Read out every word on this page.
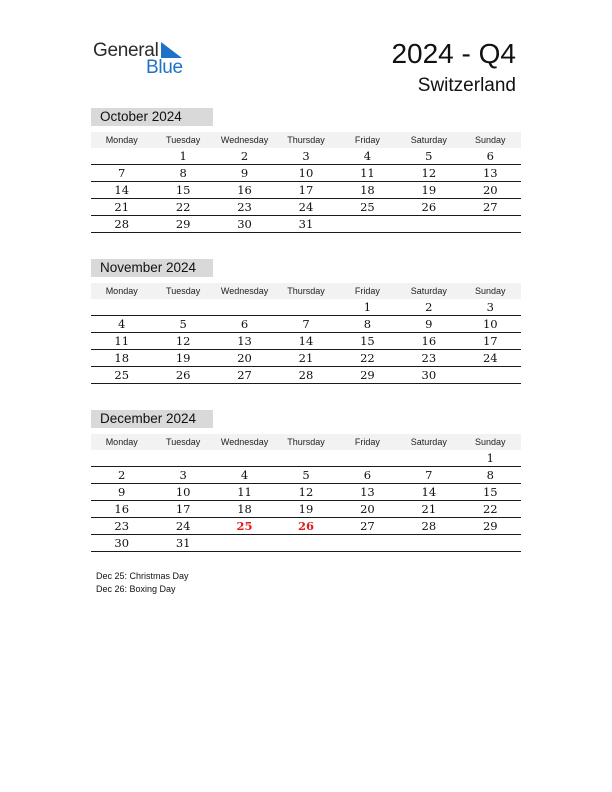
General
Blue	2024 - Q4
Switzerland
October 2024
Monday	Tuesday	Wednesday	Thursday	Friday	Saturday	Sunday
	1	2	3	4	5	6
7	8	9	10	11	12	13
14	15	16	17	18	19	20
21	22	23	24	25	26	27
28	29	30	31			
November 2024
Monday	Tuesday	Wednesday	Thursday	Friday	Saturday	Sunday
				1	2	3
4	5	6	7	8	9	10
11	12	13	14	15	16	17
18	19	20	21	22	23	24
25	26	27	28	29	30	
December 2024
Monday	Tuesday	Wednesday	Thursday	Friday	Saturday	Sunday
						1
2	3	4	5	6	7	8
9	10	11	12	13	14	15
16	17	18	19	20	21	22
23	24	25	26	27	28	29
30	31					
Dec 25: Christmas Day
Dec 26: Boxing Day
